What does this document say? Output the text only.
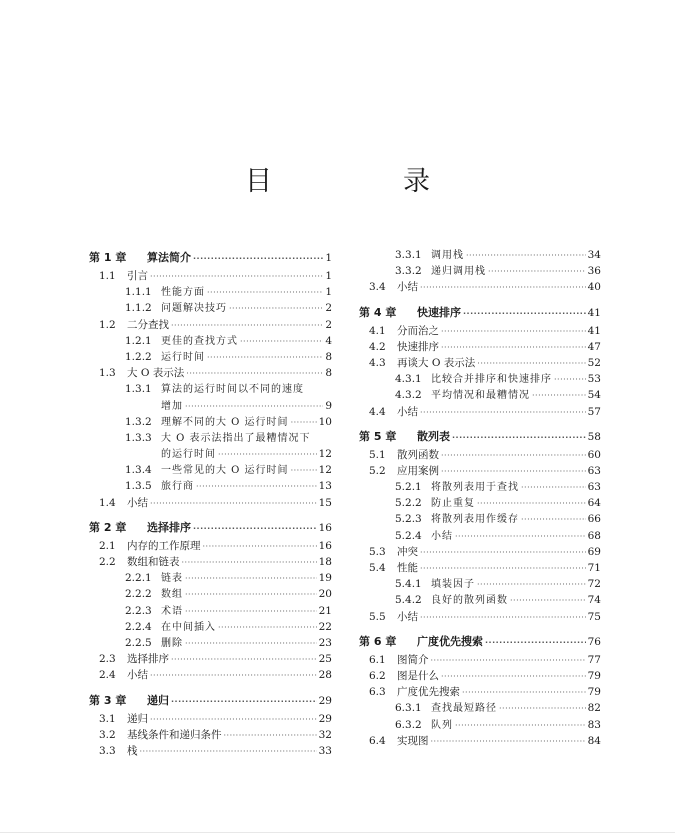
目　录
第 1 章	算法简介 ·····	1
1.1	引言 ·····	1
1.1.1 性能方面 ·····	1
1.1.2 问题解决技巧 ·····	2
1.2	二分查找 ·····	2
1.2.1 更佳的查找方式 ·····	4
1.2.2 运行时间 ·····	8
1.3	大 O 表示法 ·····	8
1.3.1 算法的运行时间以不同的速度
增加 ·····	9
1.3.2 理解不同的大 O 运行时间 ·····	10
1.3.3 大 O 表示法指出了最糟情况下
的运行时间 ·····	12
1.3.4 一些常见的大 O 运行时间 ·····	12
1.3.5 旅行商 ·····	13
1.4	小结 ·····	15
第 2 章	选择排序 ·····	16
2.1	内存的工作原理 ·····	16
2.2	数组和链表 ·····	18
2.2.1 链表 ·····	19
2.2.2 数组 ·····	20
2.2.3 术语 ·····	21
2.2.4 在中间插入 ·····	22
2.2.5 删除 ·····	23
2.3	选择排序 ·····	25
2.4	小结 ·····	28
第 3 章	递归 ·····	29
3.1	递归 ·····	29
3.2	基线条件和递归条件 ·····	32
3.3	栈 ·····	33
3.3.1 调用栈 ·····	34
3.3.2 递归调用栈 ·····	36
3.4	小结 ·····	40
第 4 章	快速排序 ·····	41
4.1	分而治之 ·····	41
4.2	快速排序 ·····	47
4.3	再谈大 O 表示法 ·····	52
4.3.1 比较合并排序和快速排序 ·····	53
4.3.2 平均情况和最糟情况 ·····	54
4.4	小结 ·····	57
第 5 章	散列表 ·····	58
5.1	散列函数 ·····	60
5.2	应用案例 ·····	63
5.2.1 将散列表用于查找 ·····	63
5.2.2 防止重复 ·····	64
5.2.3 将散列表用作缓存 ·····	66
5.2.4 小结 ·····	68
5.3	冲突 ·····	69
5.4	性能 ·····	71
5.4.1 填装因子 ·····	72
5.4.2 良好的散列函数 ·····	74
5.5	小结 ·····	75
第 6 章	广度优先搜索 ·····	76
6.1	图简介 ·····	77
6.2	图是什么 ·····	79
6.3	广度优先搜索 ·····	79
6.3.1 查找最短路径 ·····	82
6.3.2 队列 ·····	83
6.4	实现图 ·····	84
